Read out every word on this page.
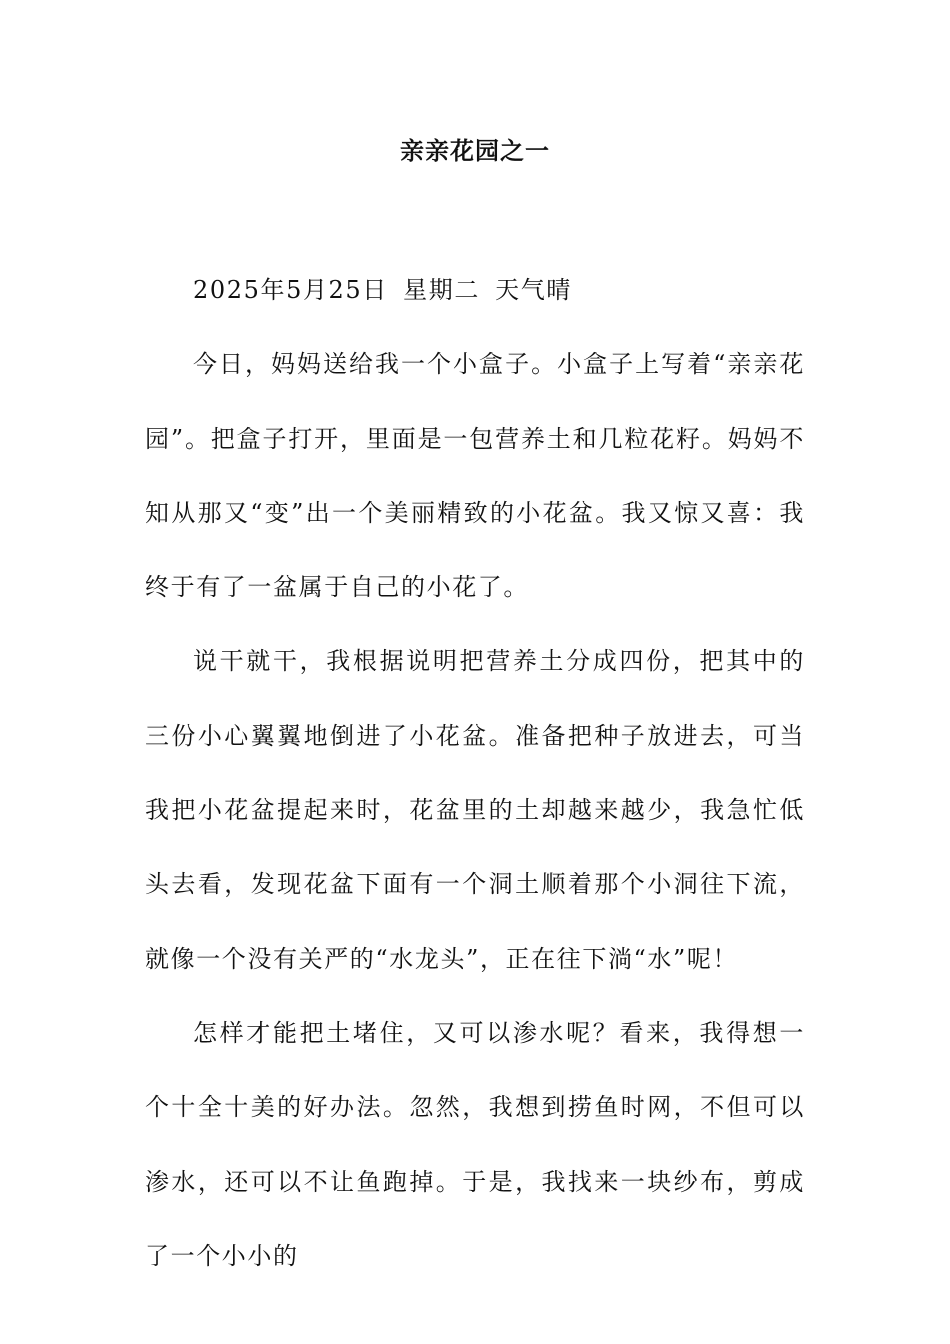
亲亲花园之一

2025年5月25日 星期二 天气晴

今日，妈妈送给我一个小盒子。小盒子上写着“亲亲花园”。把盒子打开，里面是一包营养土和几粒花籽。妈妈不知从那又“变”出一个美丽精致的小花盆。我又惊又喜：我终于有了一盆属于自己的小花了。

说干就干，我根据说明把营养土分成四份，把其中的三份小心翼翼地倒进了小花盆。准备把种子放进去，可当我把小花盆提起来时，花盆里的土却越来越少，我急忙低头去看，发现花盆下面有一个洞土顺着那个小洞往下流，就像一个没有关严的“水龙头”，正在往下淌“水”呢！

怎样才能把土堵住，又可以渗水呢？看来，我得想一个十全十美的好办法。忽然，我想到捞鱼时网，不但可以渗水，还可以不让鱼跑掉。于是，我找来一块纱布，剪成了一个小小的
